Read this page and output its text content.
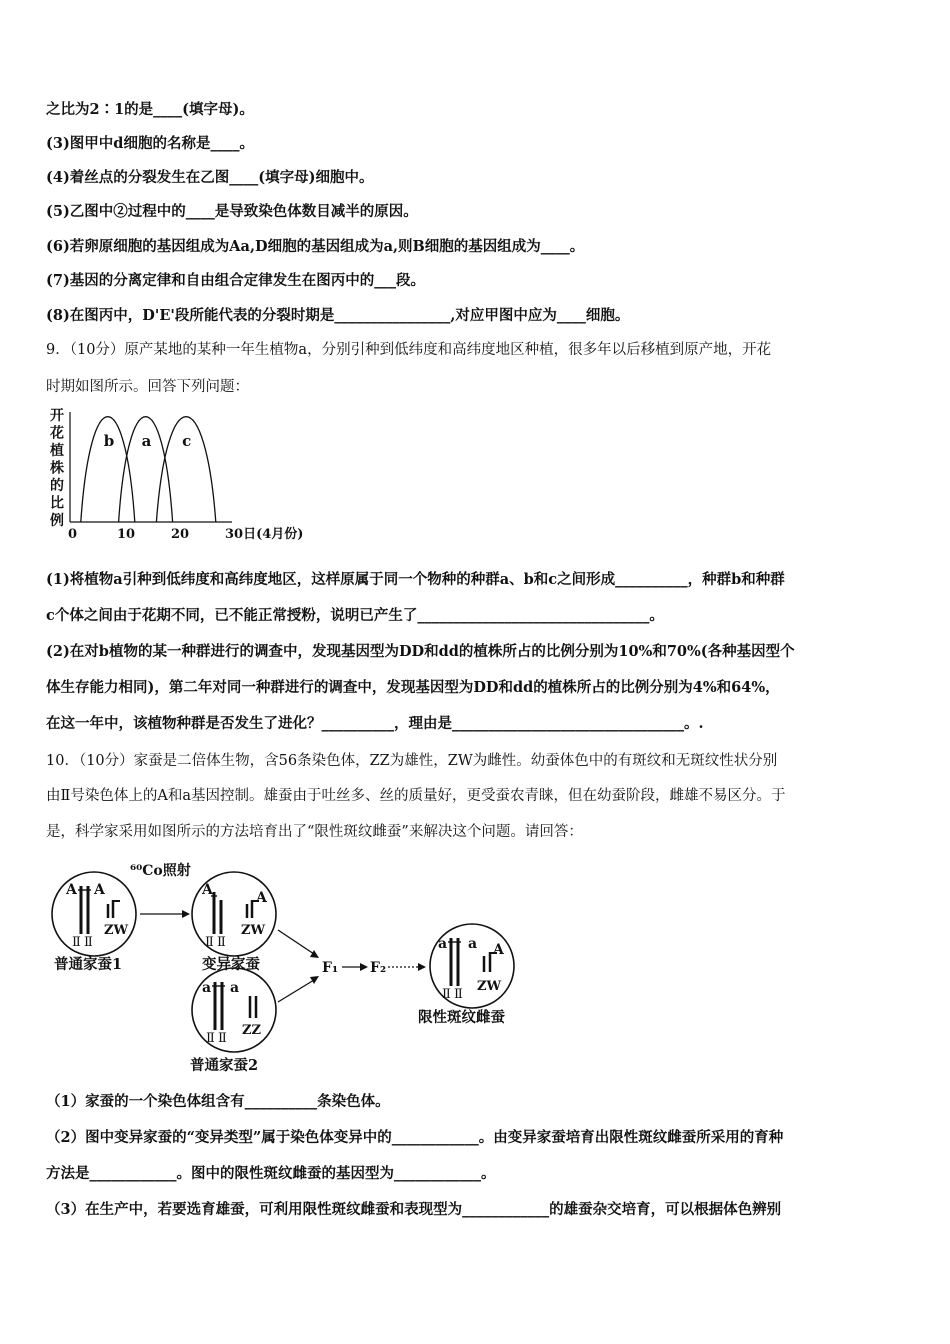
之比为2∶1的是____(填字母)。
(3)图甲中d细胞的名称是____。
(4)着丝点的分裂发生在乙图____(填字母)细胞中。
(5)乙图中②过程中的____是导致染色体数目减半的原因。
(6)若卵原细胞的基因组成为Aa,D细胞的基因组成为a,则B细胞的基因组成为____。
(7)基因的分离定律和自由组合定律发生在图丙中的___段。
(8)在图丙中，D'E'段所能代表的分裂时期是________________,对应甲图中应为____细胞。
9．（10分）原产某地的某种一年生植物a，分别引种到低纬度和高纬度地区种植，很多年以后移植到原产地，开花
时期如图所示。回答下列问题：
开
花
植
株
的
比
例
b a c
0	10	20	30日(4月份)
(1)将植物a引种到低纬度和高纬度地区，这样原属于同一个物种的种群a、b和c之间形成__________，种群b和种群
c个体之间由于花期不同，已不能正常授粉，说明已产生了________________________________。
(2)在对b植物的某一种群进行的调查中，发现基因型为DD和dd的植株所占的比例分别为10%和70%(各种基因型个
体生存能力相同)，第二年对同一种群进行的调查中，发现基因型为DD和dd的植株所占的比例分别为4%和64%，
在这一年中，该植物种群是否发生了进化？__________，理由是________________________________。.
10．（10分）家蚕是二倍体生物，含56条染色体，ZZ为雄性，ZW为雌性。幼蚕体色中的有斑纹和无斑纹性状分别
由Ⅱ号染色体上的A和a基因控制。雄蚕由于吐丝多、丝的质量好，更受蚕农青睐，但在幼蚕阶段，雌雄不易区分。于
是，科学家采用如图所示的方法培育出了“限性斑纹雌蚕”来解决这个问题。请回答：
A A
Ⅱ Ⅱ
ZW
普通家蚕1
⁶⁰Co照射
A	A
Ⅱ Ⅱ
ZW
变异家蚕
a a
Ⅱ Ⅱ
ZZ
普通家蚕2
F₁ F₂
a a A
Ⅱ Ⅱ
ZW
限性斑纹雌蚕
（1）家蚕的一个染色体组含有__________条染色体。
（2）图中变异家蚕的“变异类型”属于染色体变异中的____________。由变异家蚕培育出限性斑纹雌蚕所采用的育种
方法是____________。图中的限性斑纹雌蚕的基因型为____________。
（3）在生产中，若要选育雄蚕，可利用限性斑纹雌蚕和表现型为____________的雄蚕杂交培育，可以根据体色辨别
